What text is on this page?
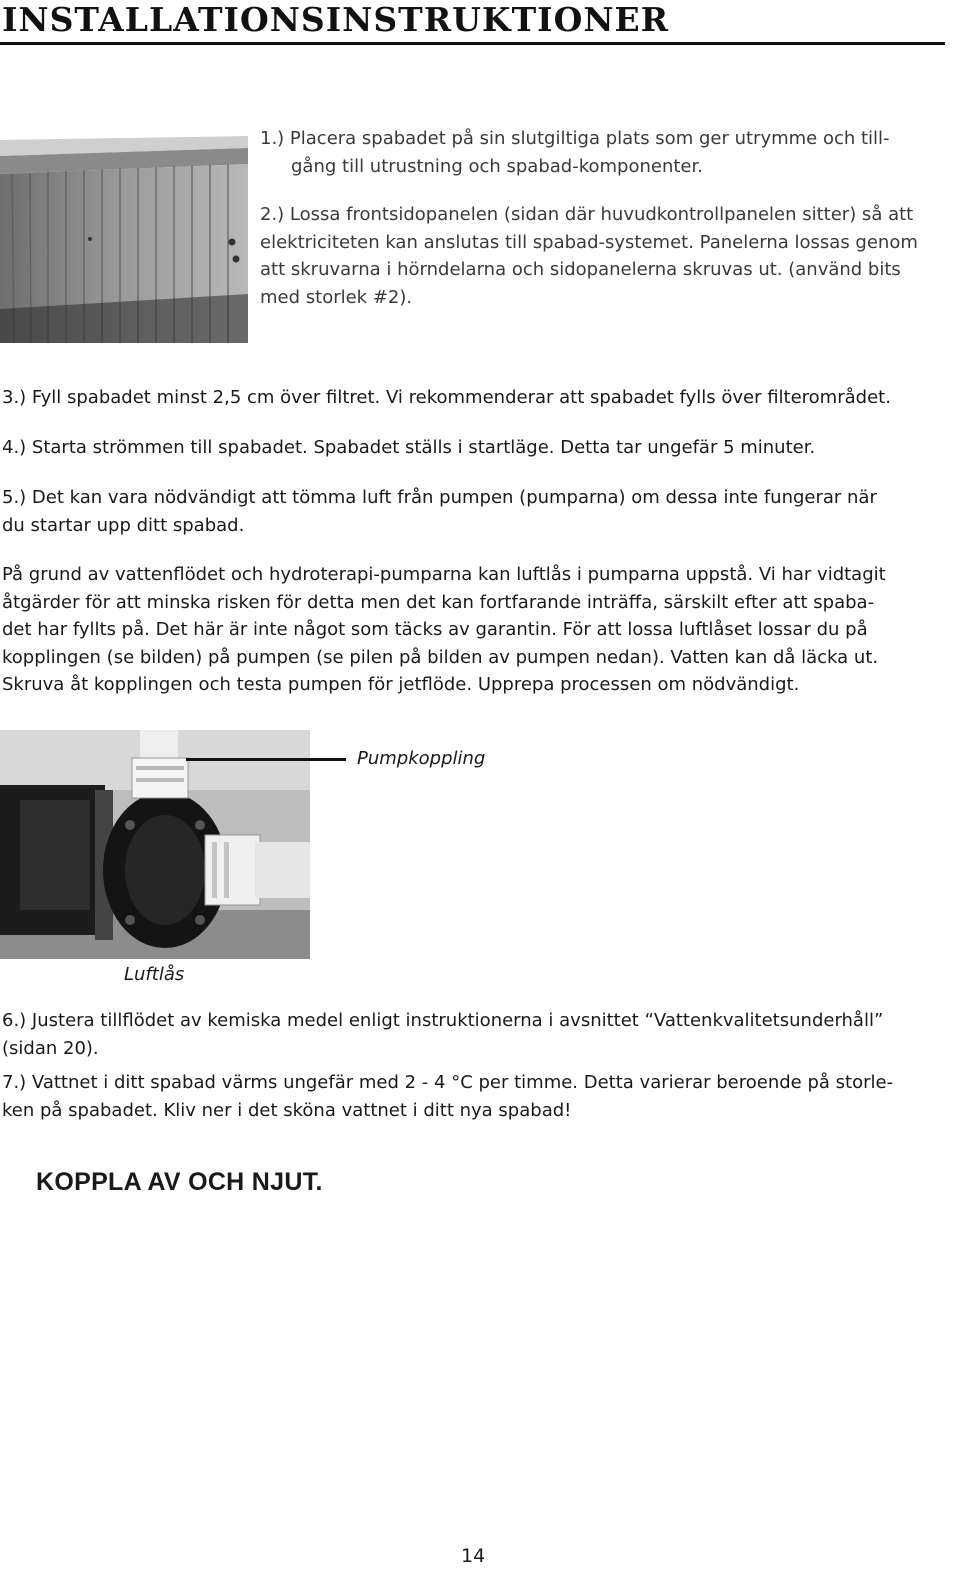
INSTALLATIONSINSTRUKTIONER
1.) Placera spabadet på sin slutgiltiga plats som ger utrymme och till-
gång till utrustning och spabad-komponenter.
2.) Lossa frontsidopanelen (sidan där huvudkontrollpanelen sitter) så att
elektriciteten kan anslutas till spabad-systemet. Panelerna lossas genom
att skruvarna i hörndelarna och sidopanelerna skruvas ut. (använd bits
med storlek #2).
3.) Fyll spabadet minst 2,5 cm över filtret. Vi rekommenderar att spabadet fylls över filterområdet.
4.) Starta strömmen till spabadet. Spabadet ställs i startläge. Detta tar ungefär 5 minuter.
5.) Det kan vara nödvändigt att tömma luft från pumpen (pumparna) om dessa inte fungerar när
du startar upp ditt spabad.
På grund av vattenflödet och hydroterapi-pumparna kan luftlås i pumparna uppstå. Vi har vidtagit
åtgärder för att minska risken för detta men det kan fortfarande inträffa, särskilt efter att spaba-
det har fyllts på. Det här är inte något som täcks av garantin. För att lossa luftlåset lossar du på
kopplingen (se bilden) på pumpen (se pilen på bilden av pumpen nedan). Vatten kan då läcka ut.
Skruva åt kopplingen och testa pumpen för jetflöde. Upprepa processen om nödvändigt.
Pumpkoppling
Luftlås
6.) Justera tillflödet av kemiska medel enligt instruktionerna i avsnittet “Vattenkvalitetsunderhåll”
(sidan 20).
7.) Vattnet i ditt spabad värms ungefär med 2 - 4 °C per timme. Detta varierar beroende på storle-
ken på spabadet. Kliv ner i det sköna vattnet i ditt nya spabad!

KOPPLA AV OCH NJUT.

14
